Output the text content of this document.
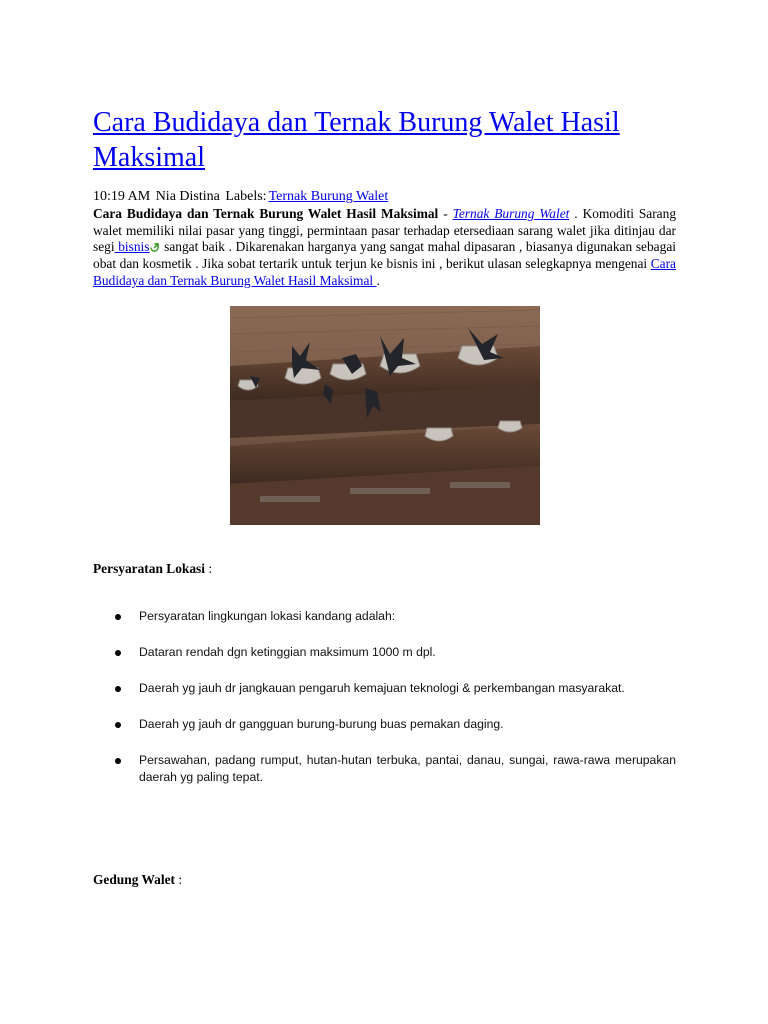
Cara Budidaya dan Ternak Burung Walet Hasil Maksimal
10:19 AM Nia Distina Labels: Ternak Burung Walet
Cara Budidaya dan Ternak Burung Walet Hasil Maksimal - Ternak Burung Walet . Komoditi Sarang walet memiliki nilai pasar yang tinggi, permintaan pasar terhadap etersediaan sarang walet jika ditinjau dar segi bisnis sangat baik . Dikarenakan harganya yang sangat mahal dipasaran , biasanya digunakan sebagai obat dan kosmetik . Jika sobat tertarik untuk terjun ke bisnis ini , berikut ulasan selegkapnya mengenai Cara Budidaya dan Ternak Burung Walet Hasil Maksimal .
Persyaratan Lokasi :
Persyaratan lingkungan lokasi kandang adalah:
Dataran rendah dgn ketinggian maksimum 1000 m dpl.
Daerah yg jauh dr jangkauan pengaruh kemajuan teknologi & perkembangan masyarakat.
Daerah yg jauh dr gangguan burung-burung buas pemakan daging.
Persawahan, padang rumput, hutan-hutan terbuka, pantai, danau, sungai, rawa-rawa merupakan daerah yg paling tepat.
Gedung Walet :
